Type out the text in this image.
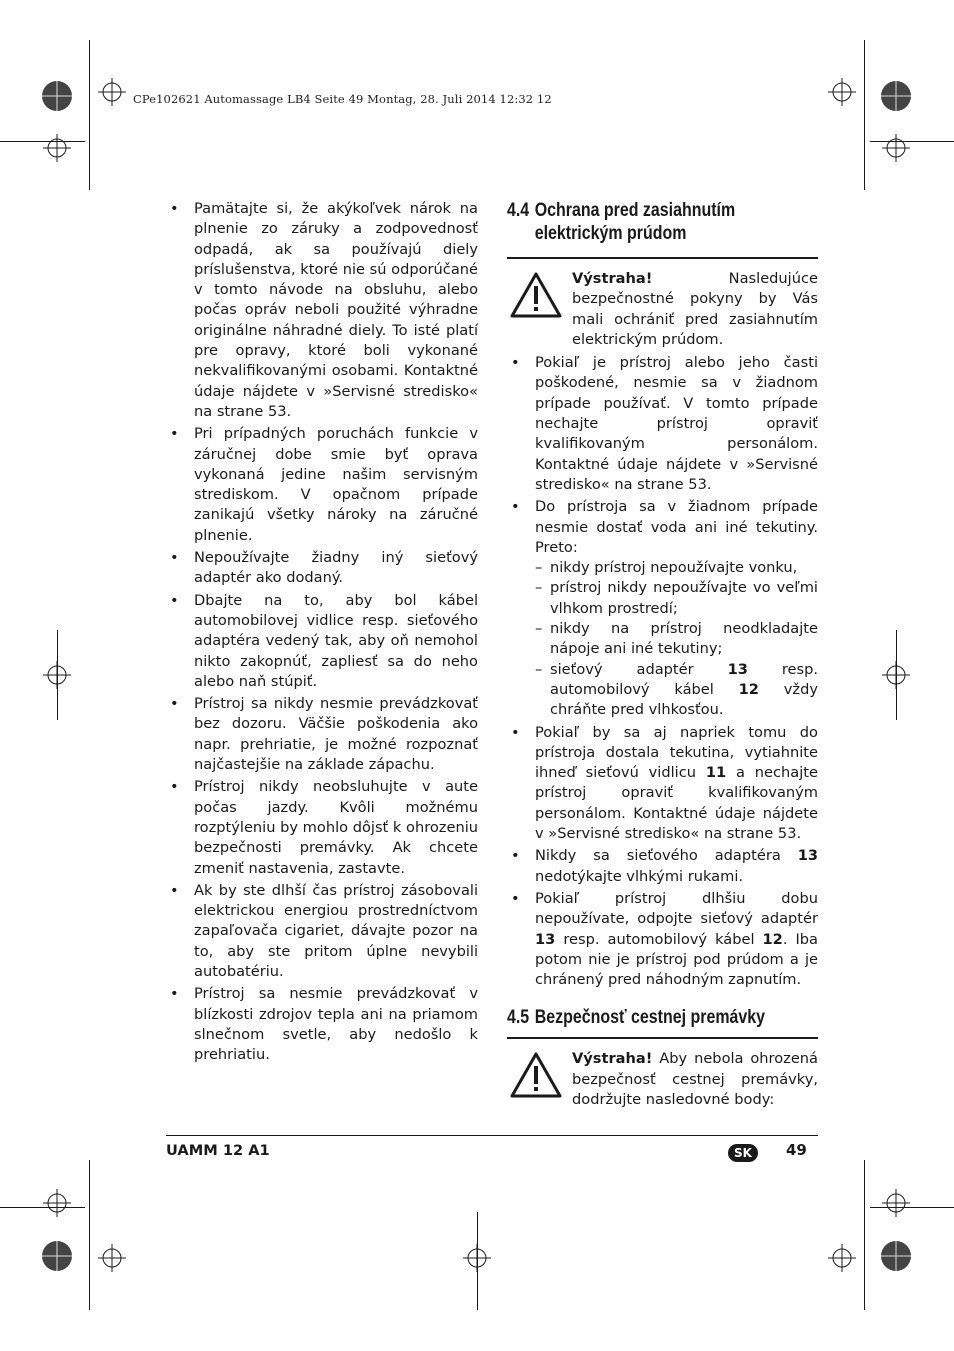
CPe102621 Automassage LB4 Seite 49 Montag, 28. Juli 2014 12:32 12
• Pamätajte si, že akýkoľvek nárok na plnenie zo záruky a zodpovednosť odpadá, ak sa používajú diely príslušenstva, ktoré nie sú odporúčané v tomto návode na obsluhu, alebo počas opráv neboli použité výhradne originálne náhradné diely. To isté platí pre opravy, ktoré boli vykonané nekvalifikovanými osobami. Kontaktné údaje nájdete v »Servisné stredisko« na strane 53.
• Pri prípadných poruchách funkcie v záručnej dobe smie byť oprava vykonaná jedine našim servisným strediskom. V opačnom prípade zanikajú všetky nároky na záručné plnenie.
• Nepoužívajte žiadny iný sieťový adaptér ako dodaný.
• Dbajte na to, aby bol kábel automobilovej vidlice resp. sieťového adaptéra vedený tak, aby oň nemohol nikto zakopnúť, zapliesť sa do neho alebo naň stúpiť.
• Prístroj sa nikdy nesmie prevádzkovať bez dozoru. Väčšie poškodenia ako napr. prehriatie, je možné rozpoznať najčastejšie na základe zápachu.
• Prístroj nikdy neobsluhujte v aute počas jazdy. Kvôli možnému rozptýleniu by mohlo dôjsť k ohrozeniu bezpečnosti premávky. Ak chcete zmeniť nastavenia, zastavte.
• Ak by ste dlhší čas prístroj zásobovali elektrickou energiou prostredníctvom zapaľovača cigariet, dávajte pozor na to, aby ste pritom úplne nevybili autobatériu.
• Prístroj sa nesmie prevádzkovať v blízkosti zdrojov tepla ani na priamom slnečnom svetle, aby nedošlo k prehriatiu.
4.4 Ochrana pred zasiahnutím
elektrickým prúdom
Výstraha! Nasledujúce bezpečnostné pokyny by Vás mali ochrániť pred zasiahnutím elektrickým prúdom.
• Pokiaľ je prístroj alebo jeho časti poškodené, nesmie sa v žiadnom prípade používať. V tomto prípade nechajte prístroj opraviť kvalifikovaným personálom. Kontaktné údaje nájdete v »Servisné stredisko« na strane 53.
• Do prístroja sa v žiadnom prípade nesmie dostať voda ani iné tekutiny. Preto:
– nikdy prístroj nepoužívajte vonku,
– prístroj nikdy nepoužívajte vo veľmi vlhkom prostredí;
– nikdy na prístroj neodkladajte nápoje ani iné tekutiny;
– sieťový adaptér 13 resp. automobilový kábel 12 vždy chráňte pred vlhkosťou.
• Pokiaľ by sa aj napriek tomu do prístroja dostala tekutina, vytiahnite ihneď sieťovú vidlicu 11 a nechajte prístroj opraviť kvalifikovaným personálom. Kontaktné údaje nájdete v »Servisné stredisko« na strane 53.
• Nikdy sa sieťového adaptéra 13 nedotýkajte vlhkými rukami.
• Pokiaľ prístroj dlhšiu dobu nepoužívate, odpojte sieťový adaptér 13 resp. automobilový kábel 12. Iba potom nie je prístroj pod prúdom a je chránený pred náhodným zapnutím.
4.5 Bezpečnosť cestnej premávky
Výstraha! Aby nebola ohrozená bezpečnosť cestnej premávky, dodržujte nasledovné body:
UAMM 12 A1	SK	49
